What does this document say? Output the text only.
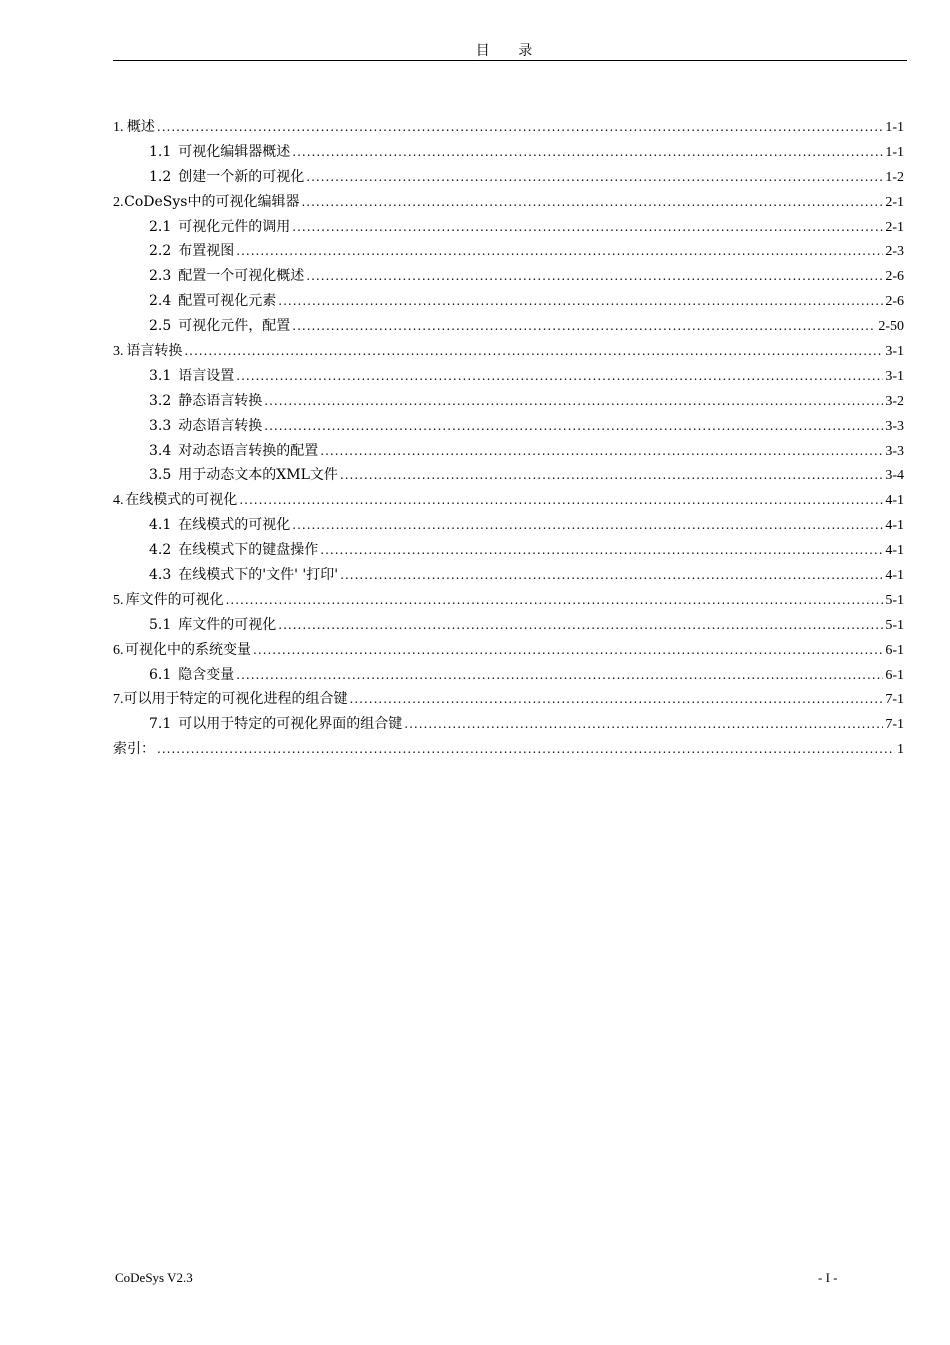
目 录
1. 概述 .....	1-1
1.1 可视化编辑器概述 .....	1-1
1.2 创建一个新的可视化 .....	1-2
2. CoDeSys中的可视化编辑器 .....	2-1
2.1 可视化元件的调用 .....	2-1
2.2 布置视图 .....	2-3
2.3 配置一个可视化概述 .....	2-6
2.4 配置可视化元素 .....	2-6
2.5 可视化元件，配置 .....	2-50
3. 语言转换 .....	3-1
3.1 语言设置 .....	3-1
3.2 静态语言转换 .....	3-2
3.3 动态语言转换 .....	3-3
3.4 对动态语言转换的配置 .....	3-3
3.5 用于动态文本的XML文件 .....	3-4
4. 在线模式的可视化 .....	4-1
4.1 在线模式的可视化 .....	4-1
4.2 在线模式下的键盘操作 .....	4-1
4.3 在线模式下的'文件' '打印' .....	4-1
5. 库文件的可视化 .....	5-1
5.1 库文件的可视化 .....	5-1
6. 可视化中的系统变量 .....	6-1
6.1 隐含变量 .....	6-1
7. 可以用于特定的可视化进程的组合键 .....	7-1
7.1 可以用于特定的可视化界面的组合键 .....	7-1
索引： .....	1
CoDeSys V2.3	- I -
